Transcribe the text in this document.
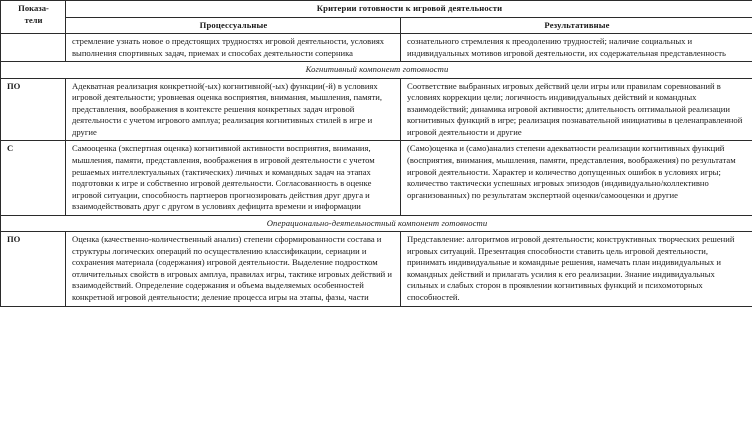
Показа-
тели	Критерии готовности к игровой деятельности	
	Процессуальные	Результативные
	стремление узнать новое о предстоящих трудностях игровой деятельности, условиях выполнения спортивных задач, приемах и способах деятельности соперника	сознательного стремления к преодолению трудностей; наличие социальных и индивидуальных мотивов игровой деятельности, их содержательная представленность
Когнитивный компонент готовности		
ПО	Адекватная реализация конкретной(-ых) когнитивной(-ых) функции(-й) в условиях игровой деятельности; уровневая оценка восприятия, внимания, мышления, памяти, представления, воображения в контексте решения конкретных задач игровой деятельности с учетом игрового амплуа; реализация когнитивных стилей в игре и другие	Соответствие выбранных игровых действий цели игры или правилам соревнований в условиях коррекции цели; логичность индивидуальных действий и командных взаимодействий; динамика игровой активности; длительность оптимальной реализации когнитивных функций в игре; реализация познавательной инициативы в целенаправленной игровой деятельности и другие
С	Самооценка (экспертная оценка) когнитивной активности восприятия, внимания, мышления, памяти, представления, воображения в игровой деятельности с учетом решаемых интеллектуальных (тактических) личных и командных задач на этапах подготовки к игре и собственно игровой деятельности. Согласованность в оценке игровой ситуации, способность партнеров прогнозировать действия друг друга и взаимодействовать друг с другом в условиях дефицита времени и информации	(Само)оценка и (само)анализ степени адекватности реализации когнитивных функций (восприятия, внимания, мышления, памяти, представления, воображения) по результатам игровой деятельности. Характер и количество допущенных ошибок в условиях игры; количество тактически успешных игровых эпизодов (индивидуально/коллективно организованных) по результатам экспертной оценки/самооценки и другие
Операционально-деятельностный компонент готовности		
ПО	Оценка (качественно-количественный анализ) степени сформированности состава и структуры логических операций по осуществлению классификации, сериации и сохранения материала (содержания) игровой деятельности. Выделение подростком отличительных свойств в игровых амплуа, правилах игры, тактике игровых действий и взаимодействий. Определение содержания и объема выделяемых особенностей конкретной игровой деятельности; деление процесса игры на этапы, фазы, части	Представление: алгоритмов игровой деятельности; конструктивных творческих решений игровых ситуаций. Презентация способности ставить цель игровой деятельности, принимать индивидуальные и командные решения, намечать план индивидуальных и командных действий и прилагать усилия к его реализации. Знание индивидуальных сильных и слабых сторон в проявлении когнитивных функций и психомоторных способностей.
